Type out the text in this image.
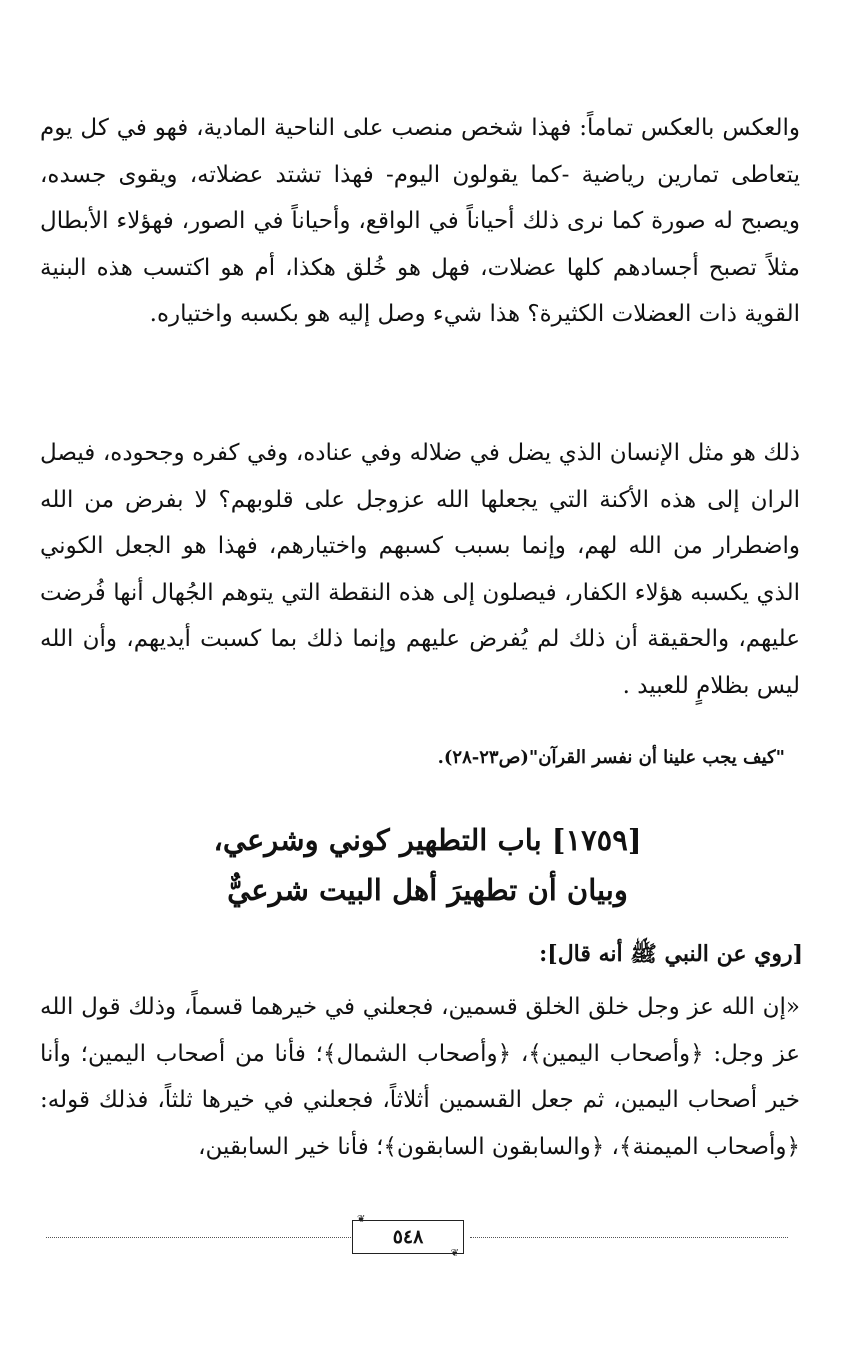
والعكس بالعكس تماماً: فهذا شخص منصب على الناحية المادية، فهو في كل يوم يتعاطى تمارين رياضية -كما يقولون اليوم- فهذا تشتد عضلاته، ويقوى جسده، ويصبح له صورة كما نرى ذلك أحياناً في الواقع، وأحياناً في الصور، فهؤلاء الأبطال مثلاً تصبح أجسادهم كلها عضلات، فهل هو خُلق هكذا، أم هو اكتسب هذه البنية القوية ذات العضلات الكثيرة؟ هذا شيء وصل إليه هو بكسبه واختياره.

ذلك هو مثل الإنسان الذي يضل في ضلاله وفي عناده، وفي كفره وجحوده، فيصل الران إلى هذه الأكنة التي يجعلها الله عزوجل على قلوبهم؟ لا بفرض من الله واضطرار من الله لهم، وإنما بسبب كسبهم واختيارهم، فهذا هو الجعل الكوني الذي يكسبه هؤلاء الكفار، فيصلون إلى هذه النقطة التي يتوهم الجُهال أنها فُرضت عليهم، والحقيقة أن ذلك لم يُفرض عليهم وإنما ذلك بما كسبت أيديهم، وأن الله ليس بظلامٍ للعبيد .

"كيف يجب علينا أن نفسر القرآن"(ص٢٣-٢٨).
[١٧٥٩] باب التطهير كوني وشرعي،
وبيان أن تطهيرَ أهل البيت شرعيٌّ
[روي عن النبي ﷺ أنه قال]:

«إن الله عز وجل خلق الخلق قسمين، فجعلني في خيرهما قسماً، وذلك قول الله عز وجل: ﴿وأصحاب اليمين﴾، ﴿وأصحاب الشمال﴾؛ فأنا من أصحاب اليمين؛ وأنا خير أصحاب اليمين، ثم جعل القسمين أثلاثاً، فجعلني في خيرها ثلثاً، فذلك قوله: ﴿وأصحاب الميمنة﴾، ﴿والسابقون السابقون﴾؛ فأنا خير السابقين،

❦
٥٤٨
❦
